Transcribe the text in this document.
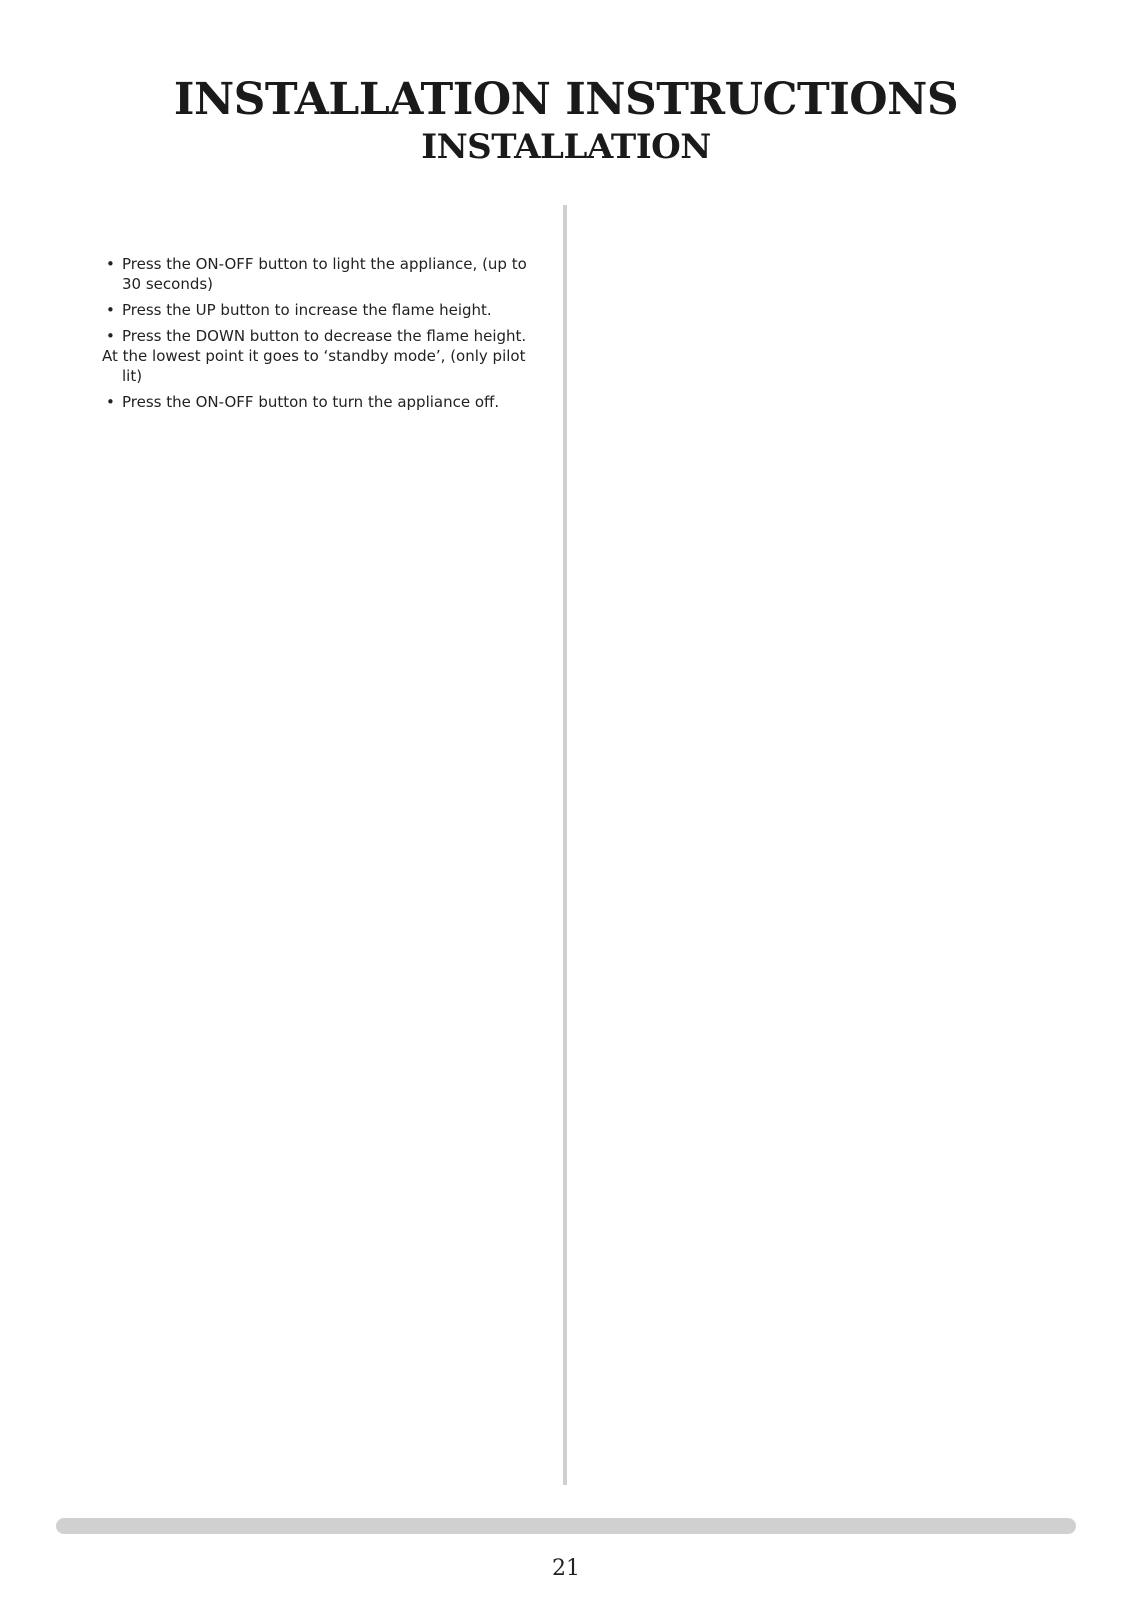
INSTALLATION INSTRUCTIONS
INSTALLATION
• Press the ON-OFF button to light the appliance, (up to 30 seconds)
• Press the UP button to increase the flame height.
• Press the DOWN button to decrease the flame height. At the lowest point it goes to ‘standby mode’, (only pilot
lit)
• Press the ON-OFF button to turn the appliance off.
21
